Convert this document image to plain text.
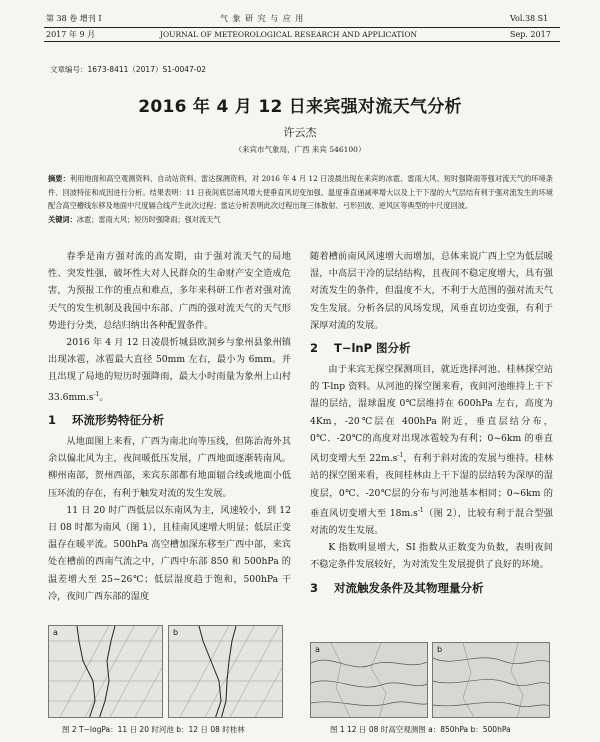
第 38 卷 增刊 Ⅰ	气 象 研 究 与 应 用	Vol.38 S1
2017 年 9 月	JOURNAL OF METEOROLOGICAL RESEARCH AND APPLICATION	Sep. 2017
文章编号：1673-8411（2017）S1-0047-02
2016 年 4 月 12 日来宾强对流天气分析
许云杰
（来宾市气象局，广西 来宾 546100）
摘要：利用地面和高空观测资料、自动站资料、雷达探测资料，对 2016 年 4 月 12 日凌晨出现在来宾的冰雹、雷雨大风、短时强降雨等强对流天气的环境条件、回波特征和成因进行分析。结果表明：11 日夜间底层南风增大使垂直风切变加强、温度垂直递减率增大以及上干下湿的大气层结有利于强对流发生的环境配合高空槽线东移及地面中尺度辐合线产生此次过程；雷达分析表明此次过程出现三体散射、弓形回波、逆风区等典型的中尺度回波。
关键词：冰雹；雷雨大风；短历时强降雨；强对流天气

春季是南方强对流的高发期，由于强对流天气的局地性、突发性强，破坏性大对人民群众的生命财产安全造成危害，为预报工作的重点和难点，多年来科研工作者对强对流天气的发生机制及我国中东部、广西的强对流天气的天气形势进行分类，总结归纳出各种配置条件。

2016 年 4 月 12 日凌晨忻城县欧洞乡与象州县象州镇出现冰雹，冰雹最大直径 50mm 左右，最小为 6mm。并且出现了局地的短历时强降雨，最大小时雨量为象州上山村 $33.6mm.s^{-1}$。

1 环流形势特征分析

从地面图上来看，广西为南北向等压线，但陈治海外其余以偏北风为主，夜间暖低压发展，广西地面逐渐转南风。柳州南部，贺州西部，来宾东部都有地面辐合线或地面小低压环流的存在，有利于触发对流的发生发展。

11 日 20 时广西低层以东南风为主，风速较小，到 12 日 08 时都为南风（图 1），且桂南风速增大明显；低层正变温存在暖平流。500hPa 高空槽加深东移至广西中部，来宾处在槽前的西南气流之中，广西中东部 850 和 500hPa 的温差增大至 25~26℃；低层湿度趋于饱和，500hPa 干冷，夜间广西东部的湿度

随着槽前南风风速增大而增加，总体来说广西上空为低层暖湿，中高层干冷的层结结构，且夜间不稳定度增大，具有强对流发生的条件，但温度不大，不利于大范围的强对流天气发生发展。分析各层的风场发现，风垂直切边变强，有利于深厚对流的发展。

2 T−lnP 图分析

由于来宾无探空探测项目，就近选择河池、桂林探空站的 T-lnp 资料。从河池的探空图来看，夜间河池维持上干下湿的层结，湿球温度 0℃层维持在 600hPa 左右，高度为 4Km，-20℃层在 400hPa 附近，垂直层结分布，0℃、-20℃的高度对出现冰雹较为有利；0~6km 的垂直风切变增大至 $22m.s^{-1}$，有利于斜对流的发展与维持。桂林站的探空图来看，夜间桂林由上干下湿的层结转为深厚的湿度层，0℃、-20℃层的分布与河池基本相同；0~6km 的垂直风切变增大至 $18m.s^{-1}$（图 2），比较有利于混合型强对流的发生发展。

K 指数明显增大，SI 指数从正数变为负数，表明夜间不稳定条件发展较好，为对流发生发展提供了良好的环境。

3 对流触发条件及其物理量分析
a	b
图 2 T−logPa：11 日 20 时河池 b：12 日 08 时桂林
a	b
图 1 12 日 08 时高空观测图 a：850hPa b：500hPa
